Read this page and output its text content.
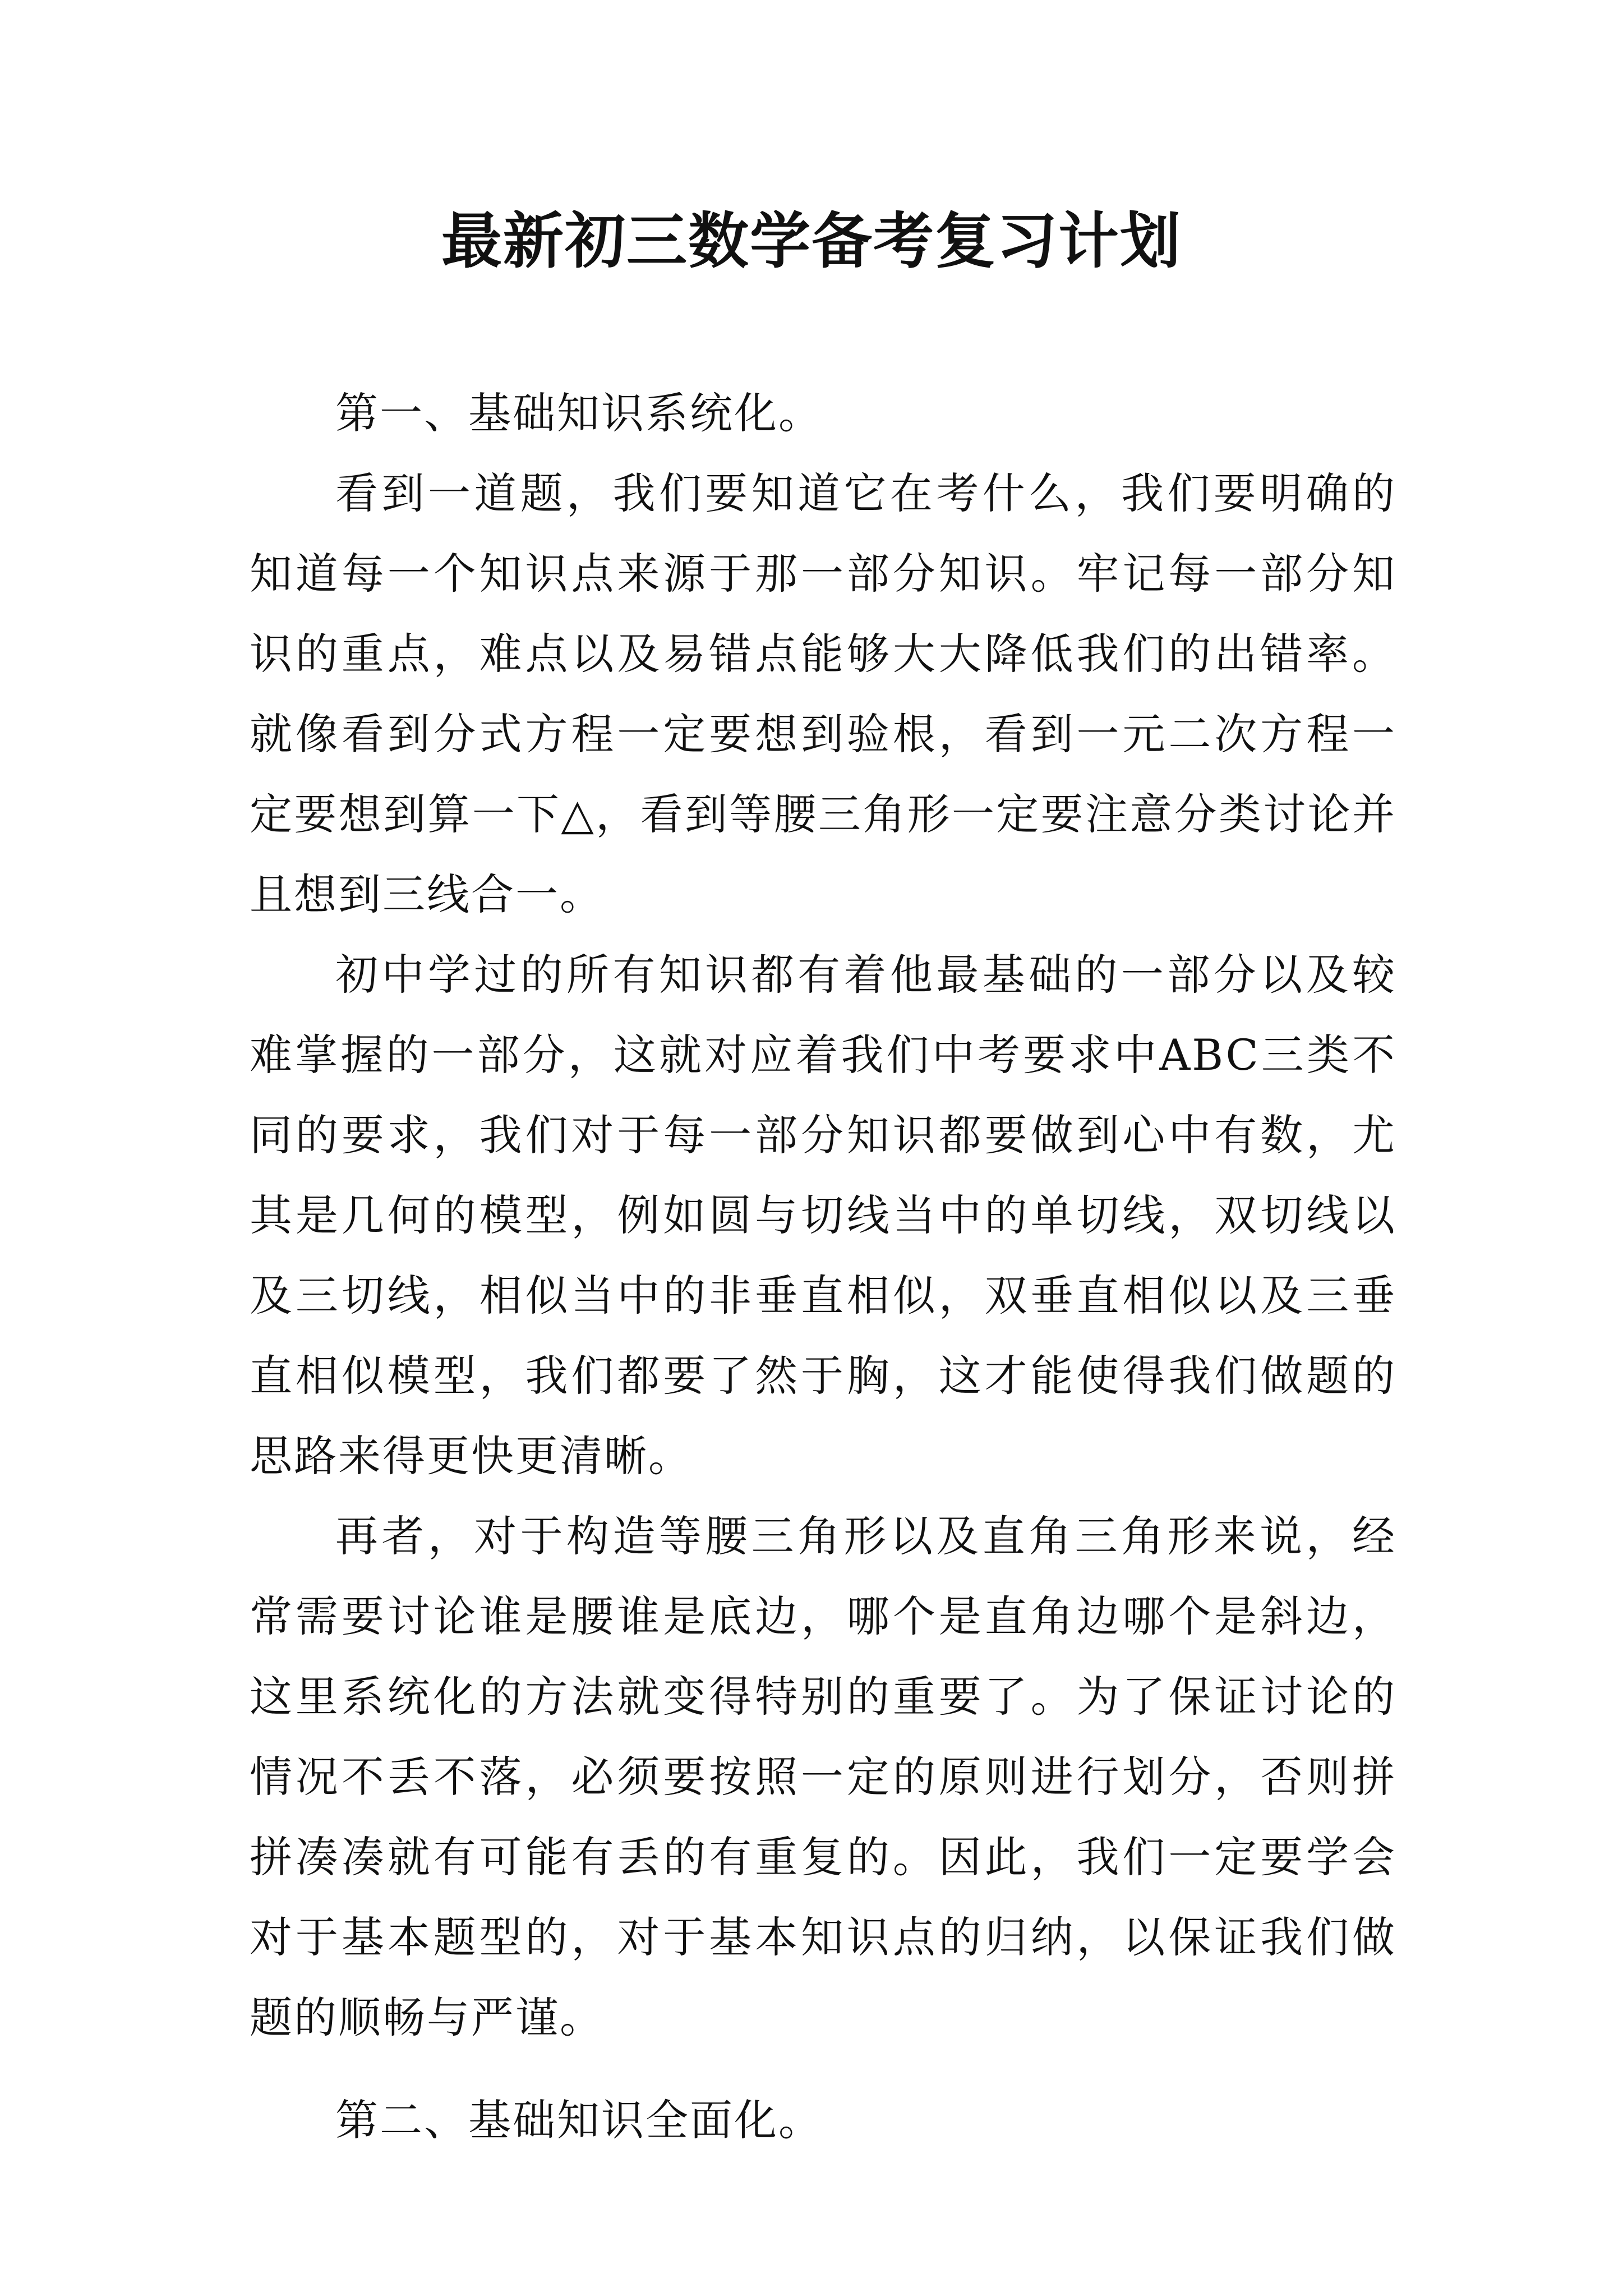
最新初三数学备考复习计划

第一、基础知识系统化。

看到一道题，我们要知道它在考什么，我们要明确的知道每一个知识点来源于那一部分知识。牢记每一部分知识的重点，难点以及易错点能够大大降低我们的出错率。就像看到分式方程一定要想到验根，看到一元二次方程一定要想到算一下△，看到等腰三角形一定要注意分类讨论并且想到三线合一。

初中学过的所有知识都有着他最基础的一部分以及较难掌握的一部分，这就对应着我们中考要求中ABC三类不同的要求，我们对于每一部分知识都要做到心中有数，尤其是几何的模型，例如圆与切线当中的单切线，双切线以及三切线，相似当中的非垂直相似，双垂直相似以及三垂直相似模型，我们都要了然于胸，这才能使得我们做题的思路来得更快更清晰。

再者，对于构造等腰三角形以及直角三角形来说，经常需要讨论谁是腰谁是底边，哪个是直角边哪个是斜边，这里系统化的方法就变得特别的重要了。为了保证讨论的情况不丢不落，必须要按照一定的原则进行划分，否则拼拼凑凑就有可能有丢的有重复的。因此，我们一定要学会对于基本题型的，对于基本知识点的归纳，以保证我们做题的顺畅与严谨。

第二、基础知识全面化。
